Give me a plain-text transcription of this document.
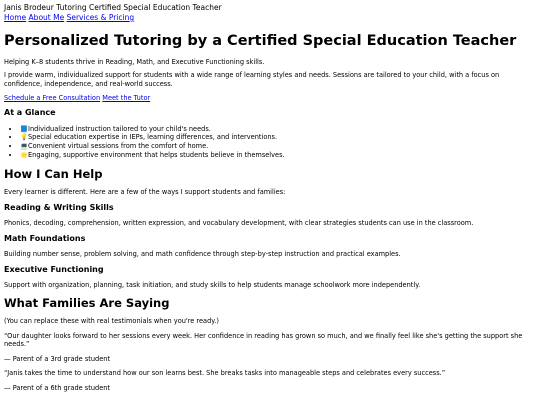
Janis Brodeur Tutoring Certified Special Education Teacher
Home About Me Services & Pricing
Personalized Tutoring by a Certified Special Education Teacher

Helping K–8 students thrive in Reading, Math, and Executive Functioning skills.

I provide warm, individualized support for students with a wide range of learning styles and needs. Sessions are tailored to your child, with a focus on confidence, independence, and real-world success.

Schedule a Free Consultation Meet the Tutor

At a Glance
• 📘Individualized instruction tailored to your child's needs.
• 💡Special education expertise in IEPs, learning differences, and interventions.
• 💻Convenient virtual sessions from the comfort of home.
• 🌟Engaging, supportive environment that helps students believe in themselves.
How I Can Help

Every learner is different. Here are a few of the ways I support students and families:

Reading & Writing Skills

Phonics, decoding, comprehension, written expression, and vocabulary development, with clear strategies students can use in the classroom.

Math Foundations

Building number sense, problem solving, and math confidence through step-by-step instruction and practical examples.

Executive Functioning

Support with organization, planning, task initiation, and study skills to help students manage schoolwork more independently.

What Families Are Saying

(You can replace these with real testimonials when you're ready.)

“Our daughter looks forward to her sessions every week. Her confidence in reading has grown so much, and we finally feel like she's getting the support she needs.”

— Parent of a 3rd grade student

“Janis takes the time to understand how our son learns best. She breaks tasks into manageable steps and celebrates every success.”

— Parent of a 6th grade student
